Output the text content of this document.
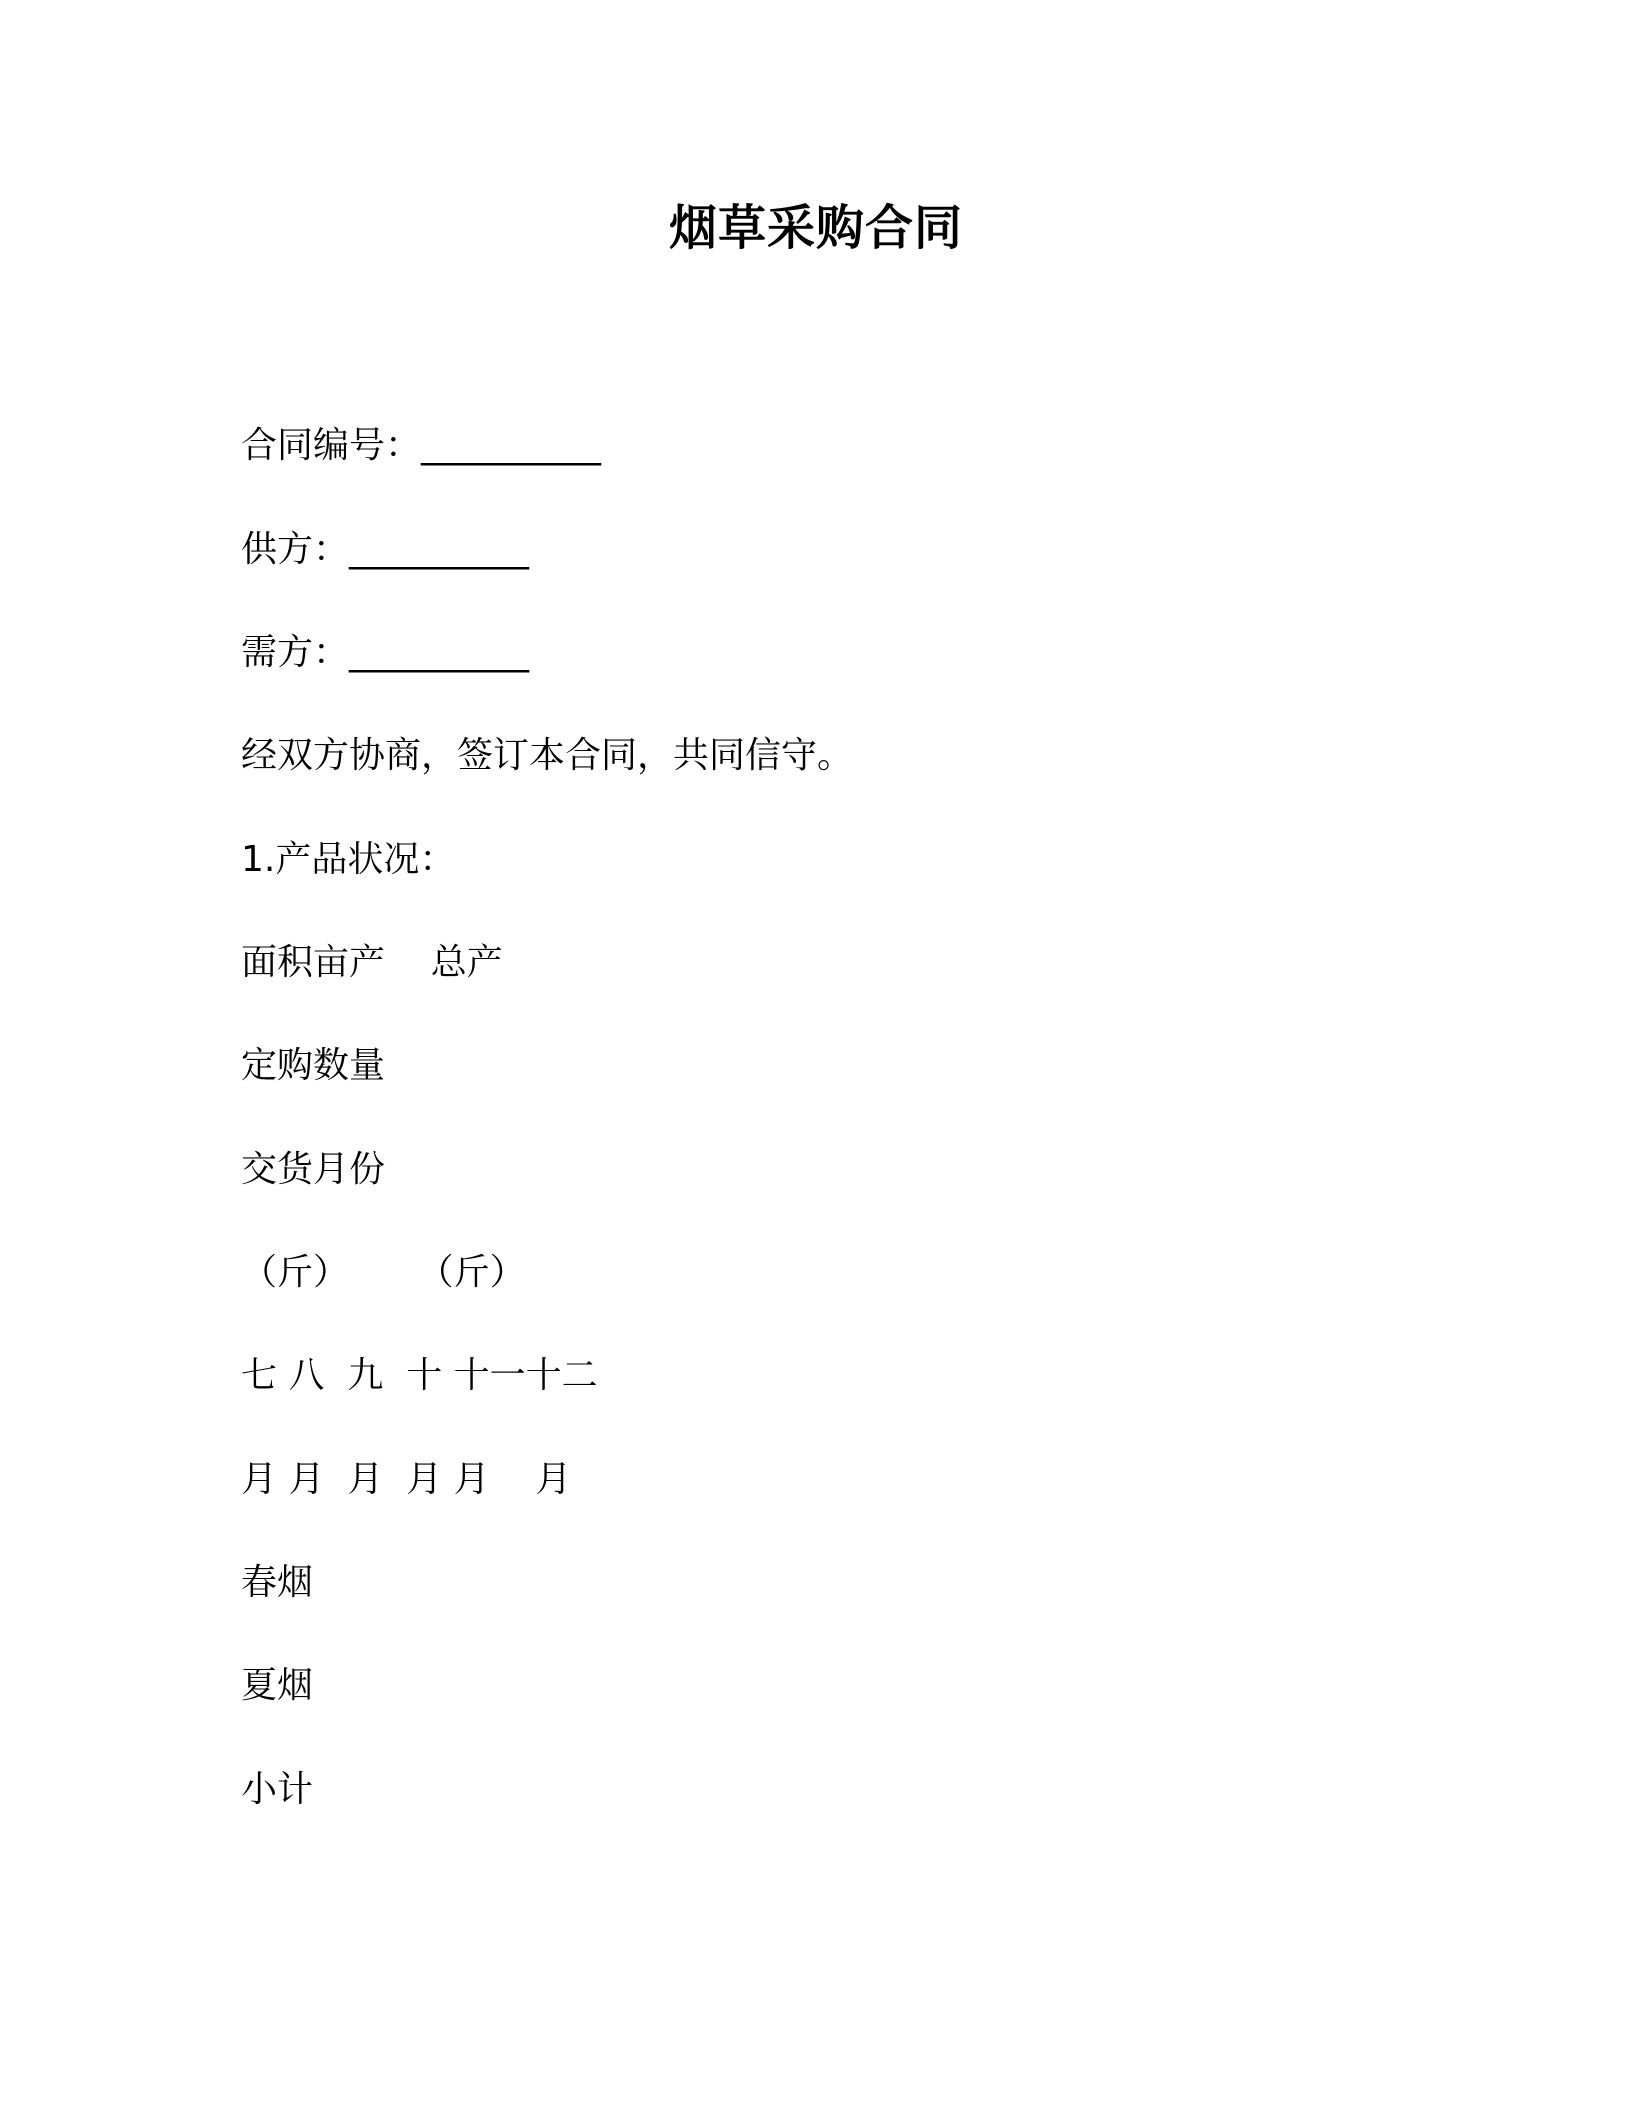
烟草采购合同
合同编号：__________
供方：__________
需方：__________
经双方协商，签订本合同，共同信守。
1.产品状况：
面积亩产    总产
定购数量
交货月份
（斤）      （斤）
七 八  九  十 十一十二
月 月  月  月 月    月
春烟
夏烟
小计
